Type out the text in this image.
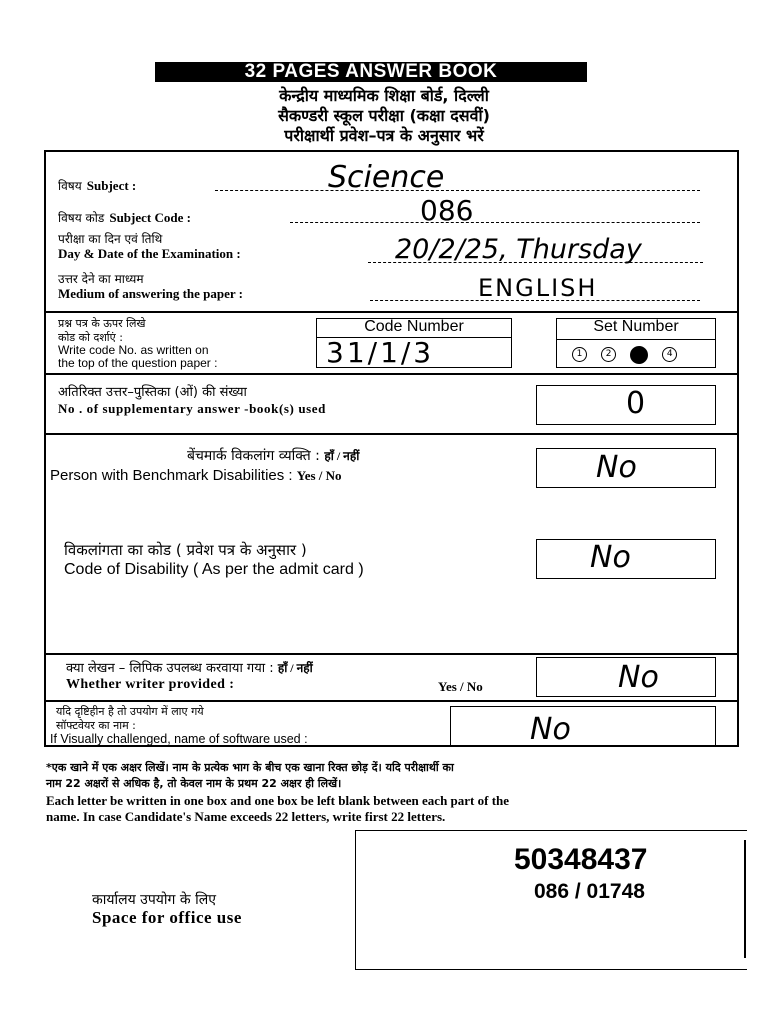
32 PAGES ANSWER BOOK
केन्द्रीय माध्यमिक शिक्षा बोर्ड, दिल्ली
सैकण्डरी स्कूल परीक्षा (कक्षा दसवीं)
परीक्षार्थी प्रवेश–पत्र के अनुसार भरें
विषय Subject :	Science
विषय कोड Subject Code :	086
परीक्षा का दिन एवं तिथि
Day & Date of the Examination :	20/2/25, Thursday
उत्तर देने का माध्यम
Medium of answering the paper :	ENGLISH
प्रश्न पत्र के ऊपर लिखे
कोड को दर्शाएं :
Write code No. as written on
the top of the question paper :
Code Number
31/1/3
Set Number
1	2	3	4
अतिरिक्त उत्तर–पुस्तिका (ओं) की संख्या
No . of supplementary answer -book(s) used	0
बेंचमार्क विकलांग व्यक्ति : हाँ / नहीं
Person with Benchmark Disabilities : Yes / No	No
विकलांगता का कोड ( प्रवेश पत्र के अनुसार )
Code of Disability ( As per the admit card )	No
क्या लेखन – लिपिक उपलब्ध करवाया गया : हाँ / नहीं
Whether writer provided :	Yes / No	No
यदि दृष्टिहीन है तो उपयोग में लाए गये
सॉफ्टवेयर का नाम :
If Visually challenged, name of software used :	No
*एक खाने में एक अक्षर लिखें। नाम के प्रत्येक भाग के बीच एक खाना रिक्त छोड़ दें। यदि परीक्षार्थी का
नाम 22 अक्षरों से अधिक है, तो केवल नाम के प्रथम 22 अक्षर ही लिखें।
Each letter be written in one box and one box be left blank between each part of the
name. In case Candidate's Name exceeds 22 letters, write first 22 letters.
कार्यालय उपयोग के लिए
Space for office use
50348437
086 / 01748
